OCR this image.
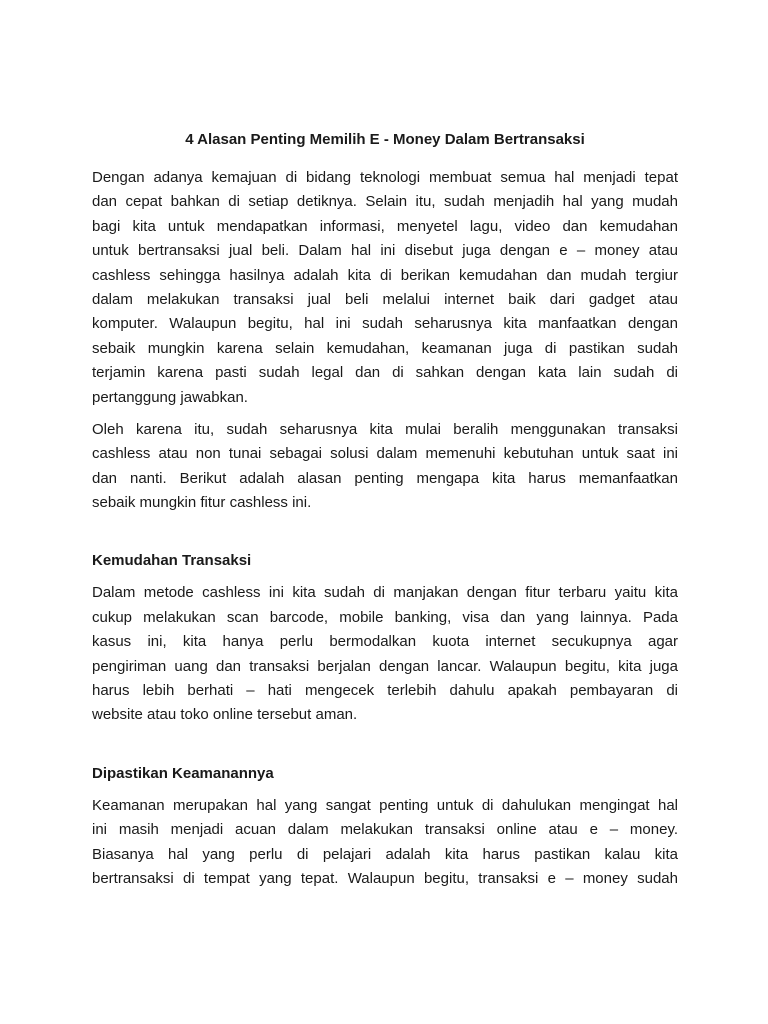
4 Alasan Penting Memilih E - Money Dalam Bertransaksi
Dengan adanya kemajuan di bidang teknologi membuat semua hal menjadi tepat
dan cepat bahkan di setiap detiknya. Selain itu, sudah menjadih hal yang mudah
bagi kita untuk mendapatkan informasi, menyetel lagu, video dan kemudahan
untuk bertransaksi jual beli. Dalam hal ini disebut juga dengan e – money atau
cashless sehingga hasilnya adalah kita di berikan kemudahan dan mudah tergiur
dalam melakukan transaksi jual beli melalui internet baik dari gadget atau
komputer. Walaupun begitu, hal ini sudah seharusnya kita manfaatkan dengan
sebaik mungkin karena selain kemudahan, keamanan juga di pastikan sudah
terjamin karena pasti sudah legal dan di sahkan dengan kata lain sudah di
pertanggung jawabkan.
Oleh karena itu, sudah seharusnya kita mulai beralih menggunakan transaksi
cashless atau non tunai sebagai solusi dalam memenuhi kebutuhan untuk saat ini
dan nanti. Berikut adalah alasan penting mengapa kita harus memanfaatkan
sebaik mungkin fitur cashless ini.
Kemudahan Transaksi
Dalam metode cashless ini kita sudah di manjakan dengan fitur terbaru yaitu kita
cukup melakukan scan barcode, mobile banking, visa dan yang lainnya. Pada
kasus ini, kita hanya perlu bermodalkan kuota internet secukupnya agar
pengiriman uang dan transaksi berjalan dengan lancar. Walaupun begitu, kita juga
harus lebih berhati – hati mengecek terlebih dahulu apakah pembayaran di
website atau toko online tersebut aman.
Dipastikan Keamanannya
Keamanan merupakan hal yang sangat penting untuk di dahulukan mengingat hal
ini masih menjadi acuan dalam melakukan transaksi online atau e – money.
Biasanya hal yang perlu di pelajari adalah kita harus pastikan kalau kita
bertransaksi di tempat yang tepat. Walaupun begitu, transaksi e – money sudah
